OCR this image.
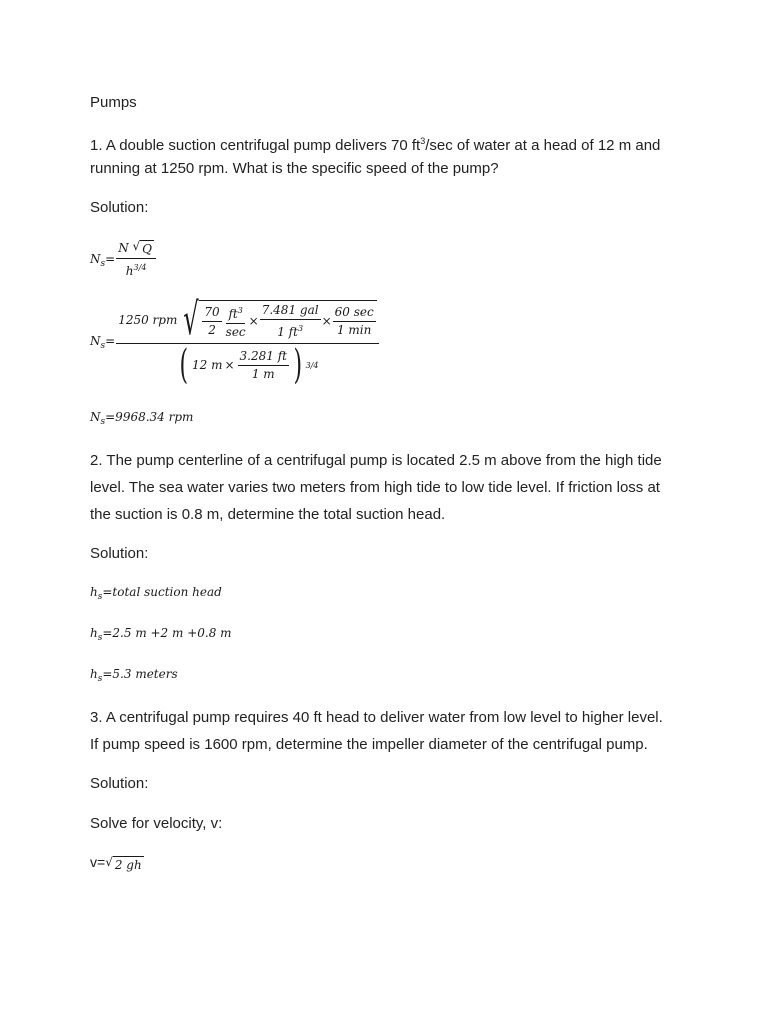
Pumps

1. A double suction centrifugal pump delivers 70 $ft^3/\sec$ of water at a head of 12 m and

running at 1250 rpm. What is the specific speed of the pump?

Solution:

$N_s= \frac{N √ Q}{h^{3/4}}$
$N_s=$
1250 rpm √ $\frac{70}{2} \frac{ft^3}{\sec} \times \frac{\text{7.481 gal}}{1 ft^3} \times \frac{60 \sec}{1 \min}$
( 12 $m \times \frac{3.281 ft}{1 m}$ ) 3/4
$N_s=9968.34$ rpm

2. The pump centerline of a centrifugal pump is located 2.5 m above from the high tide

level. The sea water varies two meters from high tide to low tide level. If friction loss at

the suction is 0.8 m, determine the total suction head.

Solution:

$h_s=total$ suction head
$h_s=2.5$ m +2 m +0.8 m
$h_s=5.3$ meters

3. A centrifugal pump requires 40 ft head to deliver water from low level to higher level.

If pump speed is 1600 rpm, determine the impeller diameter of the centrifugal pump.

Solution:

Solve for velocity, v:

v= √ 2 gh
